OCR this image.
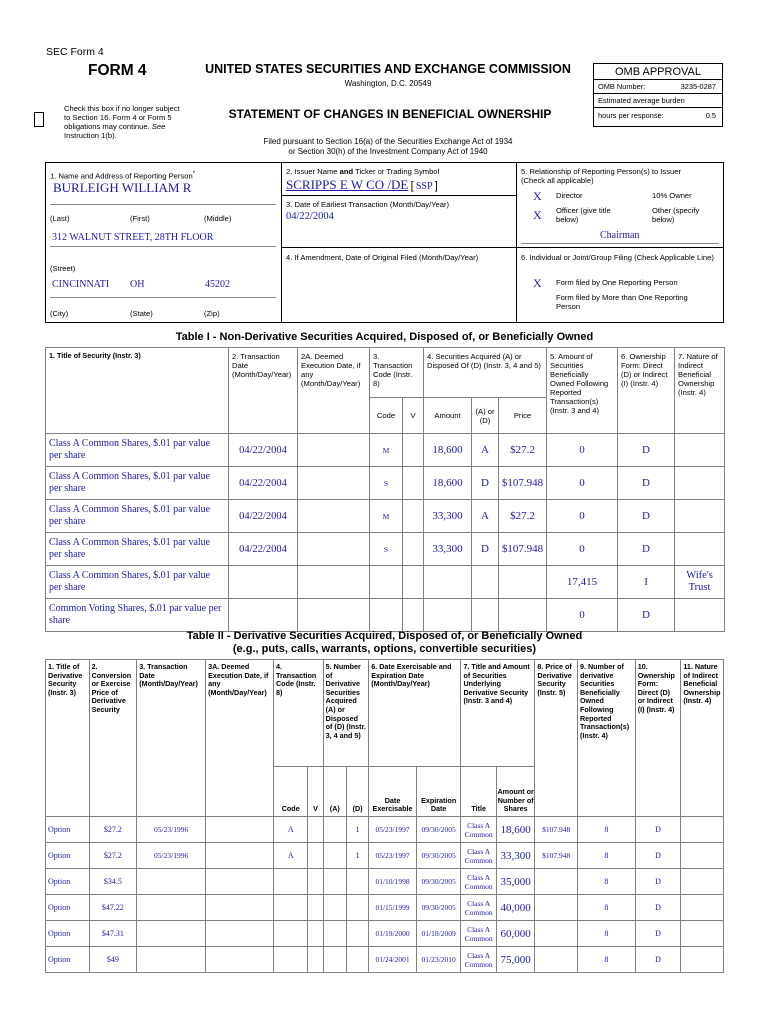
SEC Form 4
FORM 4	UNITED STATES SECURITIES AND EXCHANGE COMMISSION
Washington, D.C. 20549
Check this box if no longer subject to Section 16. Form 4 or Form 5 obligations may continue. See Instruction 1(b).
STATEMENT OF CHANGES IN BENEFICIAL OWNERSHIP
Filed pursuant to Section 16(a) of the Securities Exchange Act of 1934
or Section 30(h) of the Investment Company Act of 1940
OMB APPROVAL
OMB Number:	3235-0287
Estimated average burden
hours per response:	0.5
1. Name and Address of Reporting Person*
BURLEIGH WILLIAM R
(Last)	(First)	(Middle)
312 WALNUT STREET, 28TH FLOOR
(Street)
CINCINNATI OH	45202
(City)	(State)	(Zip)
2. Issuer Name and Ticker or Trading Symbol
SCRIPPS E W CO /DE [ SSP ]
3. Date of Earliest Transaction (Month/Day/Year)
04/22/2004
4. If Amendment, Date of Original Filed (Month/Day/Year)
5. Relationship of Reporting Person(s) to Issuer
(Check all applicable)
X Director	10% Owner
X Officer (give title below)
Other (specify below)
Chairman
6. Individual or Joint/Group Filing (Check Applicable Line)
X Form filed by One Reporting Person
Form filed by More than One Reporting Person
Table I - Non-Derivative Securities Acquired, Disposed of, or Beneficially Owned
1. Title of Security (Instr. 3)	2. Transaction Date (Month/Day/Year)	2A. Deemed Execution Date, if any (Month/Day/Year)	3. Transaction Code (Instr. 8)		4. Securities Acquired (A) or Disposed Of (D) (Instr. 3, 4 and 5)			5. Amount of Securities Beneficially Owned Following Reported Transaction(s) (Instr. 3 and 4)	6. Ownership Form: Direct (D) or Indirect (I) (Instr. 4)	7. Nature of Indirect Beneficial Ownership (Instr. 4)
			Code	V	Amount	(A) or (D)	Price			
Class A Common Shares, $.01 par value per share	04/22/2004		M		18,600	A	$27.2	0	D	
Class A Common Shares, $.01 par value per share	04/22/2004		S		18,600	D	$107.948	0	D	
Class A Common Shares, $.01 par value per share	04/22/2004		M		33,300	A	$27.2	0	D	
Class A Common Shares, $.01 par value per share	04/22/2004		S		33,300	D	$107.948	0	D	
Class A Common Shares, $.01 par value per share								17,415	I	Wife's Trust
Common Voting Shares, $.01 par value per share								0	D	
Table II - Derivative Securities Acquired, Disposed of, or Beneficially Owned
(e.g., puts, calls, warrants, options, convertible securities)
1. Title of Derivative Security (Instr. 3)	2. Conversion or Exercise Price of Derivative Security	3. Transaction Date (Month/Day/Year)	3A. Deemed Execution Date, if any (Month/Day/Year)	4. Transaction Code (Instr. 8)		5. Number of Derivative Securities Acquired (A) or Disposed of (D) (Instr. 3, 4 and 5)		6. Date Exercisable and Expiration Date (Month/Day/Year)		7. Title and Amount of Securities Underlying Derivative Security (Instr. 3 and 4)		8. Price of Derivative Security (Instr. 5)	9. Number of derivative Securities Beneficially Owned Following Reported Transaction(s) (Instr. 4)	10. Ownership Form: Direct (D) or Indirect (I) (Instr. 4)	11. Nature of Indirect Beneficial Ownership (Instr. 4)
				Code	V	(A)	(D)	Date Exercisable	Expiration Date	Title	Amount or Number of Shares				
Option	$27.2	05/23/1996		A			1	05/23/1997	09/30/2005	Class A Common	18,600	$107.948	8	D	
Option	$27.2	05/23/1996		A			1	05/23/1997	09/30/2005	Class A Common	33,300	$107.948	8	D	
Option	$34.5							01/10/1998	09/30/2005	Class A Common	35,000		8	D	
Option	$47.22							01/15/1999	09/30/2005	Class A Common	40,000		8	D	
Option	$47.31							01/19/2000	01/18/2009	Class A Common	60,000		8	D	
Option	$49							01/24/2001	01/23/2010	Class A Common	75,000		8	D	
